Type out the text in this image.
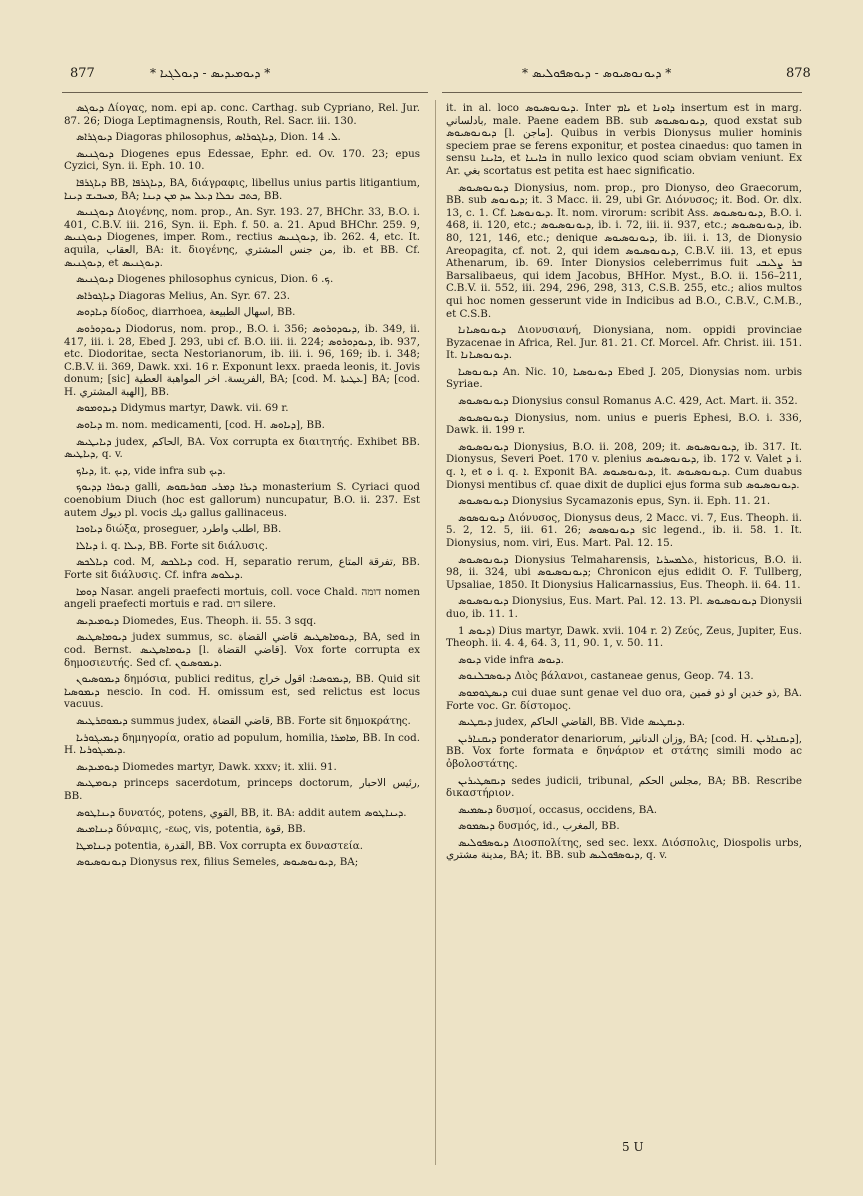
877	* ܕܝܘܡܝܕܝܣ - ܕܝܘܠܓܝܐ *	* ܕܝܘܢܘܣܝܘܣ - ܕܝܘܣܦܘܠܝܣ *	878

ܕܝܘܓܣ Δίογας, nom. epi ap. conc. Carthag. sub Cypriano, Rel. Jur. 87. 26; Dioga Leptimagnensis, Routh, Rel. Sacr. iii. 130.

ܕܝܘܓܪܐܣ Diagoras philosophus, ܕܝܐܓܘܪܐܣ, Dion. ܠ. 14.

ܕܝܘܓܢܝܣ Diogenes epus Edessae, Ephr. ed. Ov. 170. 23; epus Cyzici, Syn. ii. Eph. 10. 10.

ܕܝܐܓܪܦܐ BB, ܕܝܐܓܪܦܐ, BA, διάγραφις, libellus unius partis litigantium, ܡܚܒܝܫ ܕܝܢܐ, BA; ܟܬܒ ܢܟܠܐ ܕܥܠ ܚܕ ܡܢ ܕܝܢܐ, BB.

ܕܝܘܓܢܝܣ Διογένης, nom. prop., An. Syr. 193. 27, BHChr. 33, B.O. i. 401, C.B.V. iii. 216, Syn. ii. Eph. f. 50. a. 21. Apud BHChr. 259. 9, ܕܝܘܓܢܝܣ Diogenes, imper. Rom., rectius ܕܝܘܓܢܝܣ, ib. 262. 4, etc. It. aquila, العقاب, BA: it. διογένης, من جنس المشتري, ib. et BB. Cf. ܕܝܘܓܢܝܣ, et ܕܝܘܓܢܝܣ.

ܕܝܘܓܢܝܣ Diogenes philosophus cynicus, Dion. ܟ. 6.

ܕܝܐܓܘܪܐܣ Diagoras Melius, An. Syr. 67. 23.

ܕܝܐܕܘܣ δίοδος, diarrhoea, اسهال الطبيعة, BB.

ܕܝܘܕܘܪܘܣ Diodorus, nom. prop., B.O. i. 356; ܕܝܘܕܘܪܘܣ, ib. 349, ii. 417, iii. i. 28, Ebed J. 293, ubi cf. B.O. iii. ii. 224; ܕܝܘܕܘܪܘܣ, ib. 937, etc. Diodoritae, secta Nestorianorum, ib. iii. i. 96, 169; ib. i. 348; C.B.V. ii. 369, Dawk. xxi. 16 r. Exponunt lexx. praeda leonis, it. Jovis donum; [sic] الفريسة. اخر المواهبة العطية, BA; [cod. M. ܥܛܝܬܐ] BA; [cod. H. الهبة المشتري], BB.

ܕܝܕܘܡܘܣ Didymus martyr, Dawk. vii. 69 r.

ܕܝܐܘܣ m. nom. medicamenti, [cod. H. ܕܝܐܘܣ], BB.

ܕܝܐܝܛܝܣ judex, الحاكم, BA. Vox corrupta ex διαιτητής. Exhibet BB. ܕܝܐܛܝܣ, q. v.

ܕܝܐܟ, it. ܕܝܟ, vide infra sub ܕܝܟ.

ܕܝܘܪܐ ܕܕܝܘܟ galli, ܕܝܪܐ ܕܡܪܝ ܩܘܪܝܩܘܣ monasterium S. Cyriaci quod coenobium Diuch (hoc est gallorum) nuncupatur, B.O. ii. 237. Est autem ديوك pl. vocis ديك gallus gallinaceus.

ܕܝܐܘܟܐ διώξα, proseguer, اطلب واطرد, BB.

ܕܝܐܠܐ i. q. ܕܝܠܐ, BB. Forte sit διάλυσις.

ܕܝܐܠܟܣ cod. M, ܕܝܐܠܟܣ cod. H, separatio rerum, تفرقة المتاع, BB. Forte sit διάλυσις. Cf. infra ܕܝܠܘܣ.

ܕܘܡܐ Nasar. angeli praefecti mortuis, coll. voce Chald. דומה nomen angeli praefecti mortuis e rad. דום silere.

ܕܝܘܡܝܕܝܣ Diomedes, Eus. Theoph. ii. 55. 3 sqq.

ܕܝܘܡܐܣܛܝܣ judex summus, sc. ܕܝܘܡܐܣܛܝܣ قاضي القضاة, BA, sed in cod. Bernst. ܕܝܘܡܐܣܛܝܣ [l. قاضي القضاة]. Vox forte corrupta ex δημοσιευτής. Sed cf. ܕܝܡܘܣܝܘܢ.

ܕܝܡܘܣܝܘܢ δημόσια, publici reditus, ܕܝܡܘܣܝܐ: اقول خراج, BB. Quid sit ܕܝܡܘܣܝܐ nescio. In cod. H. omissum est, sed relictus est locus vacuus.

ܕܝܡܘܩܪܛܝܣ summus judex, قاضي القضاة, BB. Forte sit δημοκράτης.

ܕܝܡܝܓܘܪܝܐ δημηγορία, oratio ad populum, homilia, ܡܐܡܪܐ, BB. In cod. H. ܕܝܡܝܓܘܪܝܐ.

ܕܝܘܡܝܕܝܣ Diomedes martyr, Dawk. xxxv; it. xlii. 91.

ܕܝܘܡܛܝܣ princeps sacerdotum, princeps doctorum, رئيس الاحبار, BB.

ܕܝܢܐܛܘܣ δυνατός, potens, القوي, BB, it. BA: addit autem ܕܝܢܐܛܘܣ.

ܕܝܢܐܡܝܣ δύναμις, -εως, vis, potentia, قوة, BB.

ܕܝܢܐܡܛܐ potentia, القدرة, BB. Vox corrupta ex δυναστεία.

ܕܝܘܢܘܣܝܘܣ Dionysus rex, filius Semeles, ܕܝܘܢܘܣܝܘܣ, BA;

it. in al. loco ܕܝܘܢܘܣܝܘܣ. Inter ܝܐܡ et ܕܐܘܢܐ insertum est in marg. بادلساني, male. Paene eadem BB. sub ܕܝܘܢܘܣܝܘܣ, quod exstat sub ܕܝܘܢܘܣܝܘܣ [l. ماجن]. Quibus in verbis Dionysus mulier hominis speciem prae se ferens exponitur, et postea cinaedus: quo tamen in sensu ܟܐܝܢܐ, et ܟܐܝܢܐ in nullo lexico quod sciam obviam veniunt. Ex Ar. بغي scortatus est petita est haec significatio.

ܕܝܘܢܘܣܝܘܣ Dionysius, nom. prop., pro Dionyso, deo Graecorum, BB. sub ܕܝܘܢܘܣ; it. 3 Macc. ii. 29, ubi Gr. Διόνυσος; it. Bod. Or. dlx. 13, c. 1. Cf. ܕܝܘܢܘܣܝܐ. It. nom. virorum: scribit Ass. ܕܝܘܢܘܣܝܘܣ, B.O. i. 468, ii. 120, etc.; ܕܝܘܢܘܣܝܘܣ, ib. i. 72, iii. ii. 937, etc.; ܕܝܘܢܘܣܝܘܣ, ib. 80, 121, 146, etc.; denique ܕܝܘܢܘܣܝܘܣ, ib. iii. i. 13, de Dionysio Areopagita, cf. not. 2, qui idem ܕܝܘܢܘܣܝܘܣ, C.B.V. iii. 13, et epus Athenarum, ib. 69. Inter Dionysios celeberrimus fuit ܒܪ ܨܠܝܒܝ Barsalibaeus, qui idem Jacobus, BHHor. Myst., B.O. ii. 156–211, C.B.V. ii. 552, iii. 294, 296, 298, 313, C.S.B. 255, etc.; alios multos qui hoc nomen gesserunt vide in Indicibus ad B.O., C.B.V., C.M.B., et C.S.B.

ܕܝܘܢܘܣܝܐܢܐ Διονυσιανή, Dionysiana, nom. oppidi provinciae Byzacenae in Africa, Rel. Jur. 81. 21. Cf. Morcel. Afr. Christ. iii. 151. It. ܕܝܘܢܘܣܝܐܢܐ.

ܕܝܘܢܘܣܝܐ An. Nic. 10, ܕܝܘܢܘܣܝܐ Ebed J. 205, Dionysias nom. urbis Syriae.

ܕܝܘܢܘܣܝܘܣ Dionysius consul Romanus A.C. 429, Act. Mart. ii. 352.

ܕܝܘܢܘܣܝܘܣ Dionysius, nom. unius e pueris Ephesi, B.O. i. 336, Dawk. ii. 199 r.

ܕܝܘܢܘܣܝܘܣ Dionysius, B.O. ii. 208, 209; it. ܕܝܘܢܘܣܝܘܣ, ib. 317. It. Dionysus, Severi Poet. 170 v. plenius ܕܝܘܢܘܣܝܘܣ, ib. 172 v. Valet ܕ i. q. ܐ, et ܘ i. q. ܐ. Exponit BA. ܕܝܘܢܘܣܝܘܣ, it. ܕܝܘܢܘܣܝܘܣ. Cum duabus Dionysi mentibus cf. quae dixit de duplici ejus forma sub ܕܝܘܢܘܣܝܘܣ.

ܕܝܘܢܘܣܝܘܣ Dionysius Sycamazonis epus, Syn. ii. Eph. 11. 21.

ܕܝܘܢܘܣܘܣ Διόνυσος, Dionysus deus, 2 Macc. vi. 7, Eus. Theoph. ii. 5. 2, 12. 5, iii. 61. 26; ܕܝܘܢܘܣܘܣ sic legend., ib. ii. 58. 1. It. Dionysius, nom. viri, Eus. Mart. Pal. 12. 15.

ܕܝܘܢܘܣܝܘܣ Dionysius Telmaharensis, ܬܠܡܚܪܝܐ, historicus, B.O. ii. 98, ii. 324, ubi ܕܝܘܢܘܣܝܘܣ; Chronicon ejus edidit O. F. Tullberg, Upsaliae, 1850. It Dionysius Halicarnassius, Eus. Theoph. ii. 64. 11.

ܕܝܘܢܘܣܝܘܣ Dionysius, Eus. Mart. Pal. 12. 13. Pl. ܕܝܘܢܘܣܝܘܣ Dionysii duo, ib. 11. 1.

ܕܝܘܣ 1) Dius martyr, Dawk. xvii. 104 r. 2) Ζεύς, Zeus, Jupiter, Eus. Theoph. ii. 4. 4, 64. 3, 11, 90. 1, v. 50. 11.

ܕܝܘܣ vide infra ܕܝܘܣ.

ܕܝܘܣܒܠܢܘܣ Διὸς βάλανοι, castaneae genus, Geop. 74. 13.

ܕܝܣܛܘܡܘܣ cui duae sunt genae vel duo ora, ذو خدين او ذو فمين, BA. Forte voc. Gr. δίστομος.

ܕܝܩܛܝܣ judex, القاضي الحاكم, BB. Vide ܕܝܩܛܝܣ.

ܕܝܩܢܐܪܝܢ ponderator denariorum, وزان الدنانير, BA; [cod. H. ܕܝܩܢܐܪܝܢ], BB. Vox forte formata e δηνάριον et στάτης simili modo ac ὀβολοστάτης.

ܕܝܩܣܛܝܪܝܢ sedes judicii, tribunal, مجلس الحكم, BA; BB. Rescribe δικαστήριον.

ܕܝܣܡܝܣ δυσμοί, occasus, occidens, BA.

ܕܝܣܡܘܣ δυσμός, id., المغرب, BB.

ܕܝܘܣܦܘܠܝܣ Διοσπολίτης, sed sec. lexx. Διόσπολις, Diospolis urbs, مدينة مشتري, BA; it. BB. sub ܕܝܘܣܦܘܠܝܣ, q. v.

5 U
